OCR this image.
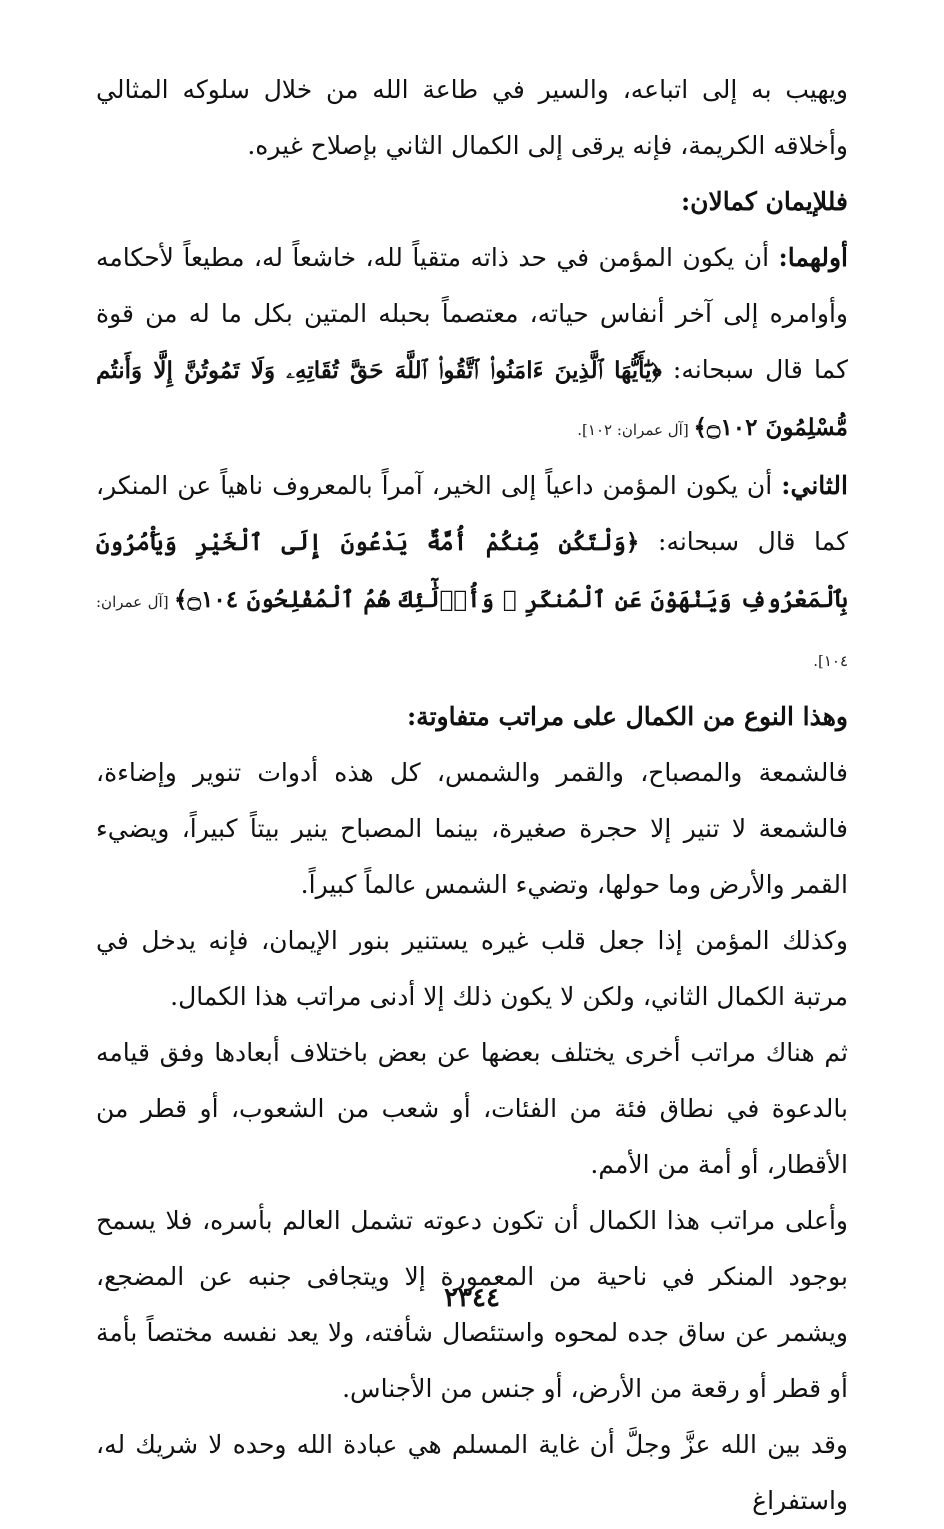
ويهيب به إلى اتباعه، والسير في طاعة الله من خلال سلوكه المثالي وأخلاقه الكريمة، فإنه يرقى إلى الكمال الثاني بإصلاح غيره.

فللإيمان كمالان:

أولهما: أن يكون المؤمن في حد ذاته متقياً لله، خاشعاً له، مطيعاً لأحكامه وأوامره إلى آخر أنفاس حياته، معتصماً بحبله المتين بكل ما له من قوة كما قال سبحانه: ﴿يَٰٓأَيُّهَا ٱلَّذِينَ ءَامَنُوا۟ ٱتَّقُوا۟ ٱللَّهَ حَقَّ تُقَاتِهِۦ وَلَا تَمُوتُنَّ إِلَّا وَأَنتُم مُّسْلِمُونَ ۝١٠٢﴾ [آل عمران: ١٠٢].

الثاني: أن يكون المؤمن داعياً إلى الخير، آمراً بالمعروف ناهياً عن المنكر، كما قال سبحانه: ﴿وَلْتَكُن مِّنكُمْ أُمَّةٌ يَدْعُونَ إِلَى ٱلْخَيْرِ وَيَأْمُرُونَ بِٱلْمَعْرُوفِ وَيَنْهَوْنَ عَنِ ٱلْمُنكَرِ ۚ وَأُو۟لَٰٓئِكَ هُمُ ٱلْمُفْلِحُونَ ۝١٠٤﴾ [آل عمران: ١٠٤].

وهذا النوع من الكمال على مراتب متفاوتة:

فالشمعة والمصباح، والقمر والشمس، كل هذه أدوات تنوير وإضاءة، فالشمعة لا تنير إلا حجرة صغيرة، بينما المصباح ينير بيتاً كبيراً، ويضيء القمر والأرض وما حولها، وتضيء الشمس عالماً كبيراً.

وكذلك المؤمن إذا جعل قلب غيره يستنير بنور الإيمان، فإنه يدخل في مرتبة الكمال الثاني، ولكن لا يكون ذلك إلا أدنى مراتب هذا الكمال.

ثم هناك مراتب أخرى يختلف بعضها عن بعض باختلاف أبعادها وفق قيامه بالدعوة في نطاق فئة من الفئات، أو شعب من الشعوب، أو قطر من الأقطار، أو أمة من الأمم.

وأعلى مراتب هذا الكمال أن تكون دعوته تشمل العالم بأسره، فلا يسمح بوجود المنكر في ناحية من المعمورة إلا ويتجافى جنبه عن المضجع، ويشمر عن ساق جده لمحوه واستئصال شأفته، ولا يعد نفسه مختصاً بأمة أو قطر أو رقعة من الأرض، أو جنس من الأجناس.

وقد بين الله عزَّ وجلَّ أن غاية المسلم هي عبادة الله وحده لا شريك له، واستفراغ

٢٣٤٤
